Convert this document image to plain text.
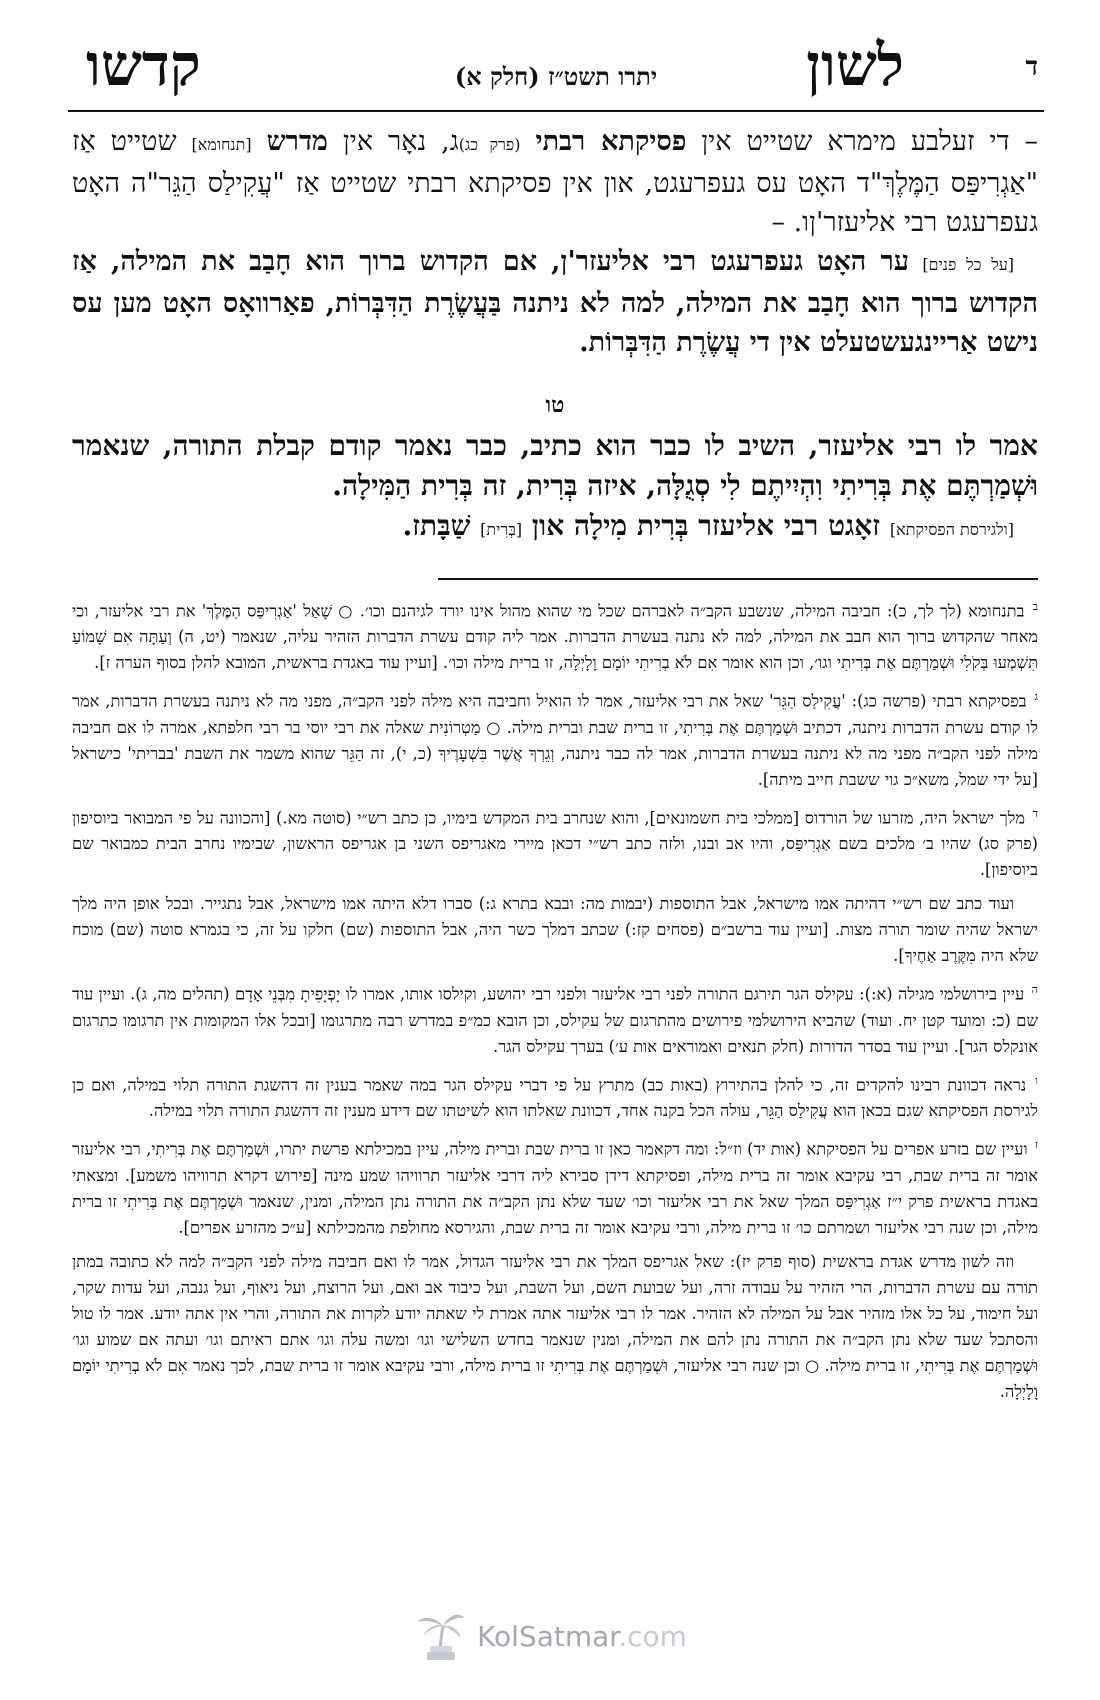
ד
לשון
יתרו תשט״ז (חלק א)
קדשו

– די זעלבע מימרא שטייט אין פסיקתא רבתי (פרק כג)ג, נאָר אין מדרש [תנחומא] שטייט אַז "אַגְרִיפַּס הַמֶּלֶךְ"ד האָט עס געפרעגט, און אין פסיקתא רבתי שטייט אַז "עֲקִילַס הַגֵּר"ה האָט געפרעגט רבי אליעזר'ןו. –

[על כל פנים] ער האָט געפרעגט רבי אליעזר'ן, אם הקדוש ברוך הוא חָבַב את המילה, אַז הקדוש ברוך הוא חָבַב את המילה, למה לא ניתנה בַּעֲשֶׂרֶת הַדִּבְּרוֹת, פאַרוואָס האָט מען עס נישט אַריינגעשטעלט אין די עֲשֶׂרֶת הַדִּבְּרוֹת.

טו

אמר לו רבי אליעזר, השיב לו כבר הוא כתיב, כבר נאמר קודם קבלת התורה, שנאמר וּשְׁמַרְתֶּם אֶת בְּרִיתִי וִהְיִיתֶם לִי סְגֻלָּה, איזה בְּרִית, זה בְּרִית הַמִּילָה.

[ולגירסת הפסיקתא] זאָגט רבי אליעזר בְּרִית מִילָה און [בְּרִית] שַׁבָּתז.

$^ב$ בתנחומא (לך לך, כ): חביבה המילה, שנשבע הקב״ה לאברהם שכל מי שהוא מהול אינו יורד לגיהנם וכו׳. ○ שָׁאַל 'אַגְרִיפַּס הַמֶּלֶךְ' את רבי אליעזר, וכי מאחר שהקדוש ברוך הוא חבב את המילה, למה לא נתנה בעשרת הדברות. אמר ליה קודם עשרת הדברות הזהיר עליה, שנאמר (יט, ה) וְעַתָּה אִם שָׁמוֹעַ תִּשְׁמְעוּ בְּקֹלִי וּשְׁמַרְתֶּם אֶת בְּרִיתִי וגו׳, וכן הוא אומר אִם לֹא בְרִיתִי יוֹמָם וָלָיְלָה, זו ברית מילה וכו׳. [ועיין עוד באגדת בראשית, המובא להלן בסוף הערה ז].

$^ג$ בפסיקתא רבתי (פרשה כג): 'עֲקִילַס הַגֵּר' שאל את רבי אליעזר, אמר לו הואיל וחביבה היא מילה לפני הקב״ה, מפני מה לא ניתנה בעשרת הדברות, אמר לו קודם עשרת הדברות ניתנה, דכתיב וּשְׁמַרְתֶּם אֶת בְּרִיתִי, זו ברית שבת וברית מילה. ○ מַטְרוֹנִית שאלה את רבי יוסי בר רבי חלפתא, אמרה לו אם חביבה מילה לפני הקב״ה מפני מה לא ניתנה בעשרת הדברות, אמר לה כבר ניתנה, וְגֵרְךָ אֲשֶׁר בִּשְׁעָרֶיךָ (כ, י), זה הַגֵּר שהוא משמר את השבת 'בבריתי' כישראל [על ידי שמל, משא״כ גוי ששבת חייב מיתה].

$^ד$ מלך ישראל היה, מזרעו של הורדוס [ממלכי בית חשמונאים], והוא שנחרב בית המקדש בימיו, כן כתב רש״י (סוטה מא.) [והכוונה על פי המבואר ביוסיפון (פרק סג) שהיו ב׳ מלכים בשם אַגְרִיפַּס, והיו אב ובנו, ולזה כתב רש״י דכאן מיירי מאגריפס השני בן אגריפס הראשון, שבימיו נחרב הבית כמבואר שם ביוסיפון].

ועוד כתב שם רש״י דהיתה אמו מישראל, אבל התוספות (יבמות מה: ובבא בתרא ג:) סברו דלא היתה אמו מישראל, אבל נתגייר. ובכל אופן היה מלך ישראל שהיה שומר תורה מצות. [ועיין עוד ברשב״ם (פסחים קז:) שכתב דמלך כשר היה, אבל התוספות (שם) חלקו על זה, כי בגמרא סוטה (שם) מוכח שלא היה מִקֶּרֶב אַחֶיךָ].

$^ה$ עיין בירושלמי מגילה (א:): עקילס הגר תירגם התורה לפני רבי אליעזר ולפני רבי יהושע, וקילסו אותו, אמרו לו יָפְיָפִיתָ מִבְּנֵי אָדָם (תהלים מה, ג). ועיין עוד שם (כ: ומועד קטן יח. ועוד) שהביא הירושלמי פירושים מהתרגום של עקילס, וכן הובא כמ״פ במדרש רבה מתרגומו [ובכל אלו המקומות אין תרגומו כתרגום אונקלס הגר]. ועיין עוד בסדר הדורות (חלק תנאים ואמוראים אות ע׳) בערך עקילס הגר.

$^ו$ נראה דכוונת רבינו להקדים זה, כי להלן בהתירוץ (באות כב) מתרץ על פי דברי עקילס הגר במה שאמר בענין זה דהשגת התורה תלוי במילה, ואם כן לגירסת הפסיקתא שגם בכאן הוא עֲקִילַס הַגֵּר, עולה הכל בקנה אחד, דכוונת שאלתו הוא לשיטתו שם דידע מענין זה דהשגת התורה תלוי במילה.

$^ז$ ועיין שם בזרע אפרים על הפסיקתא (אות יד) וז״ל: ומה דקאמר כאן זו ברית שבת וברית מילה, עיין במכילתא פרשת יתרו, וּשְׁמַרְתֶּם אֶת בְּרִיתִי, רבי אליעזר אומר זה ברית שבת, רבי עקיבא אומר זה ברית מילה, ופסיקתא דידן סבירא ליה דרבי אליעזר תרוויהו שמע מינה [פירוש דקרא תרוויהו משמע]. ומצאתי באגדת בראשית פרק י״ז אַגְרִיפַּס המלך שאל את רבי אליעזר וכו׳ שעד שלא נתן הקב״ה את התורה נתן המילה, ומנין, שנאמר וּשְׁמַרְתֶּם אֶת בְּרִיתִי זו ברית מילה, וכן שנה רבי אליעזר ושמרתם כו׳ זו ברית מילה, ורבי עקיבא אומר זה ברית שבת, והגירסא מחולפת מהמכילתא [ע״כ מהזרע אפרים].

וזה לשון מדרש אגדת בראשית (סוף פרק יז): שאל אגריפס המלך את רבי אליעזר הגדול, אמר לו ואם חביבה מילה לפני הקב״ה למה לא כתובה במתן תורה עם עשרת הדברות, הרי הזהיר על עבודה זרה, ועל שבועת השם, ועל השבת, ועל כיבוד אב ואם, ועל הרוצח, ועל ניאוף, ועל גנבה, ועל עדות שקר, ועל חימוד, על כל אלו מזהיר אבל על המילה לא הזהיר. אמר לו רבי אליעזר אתה אמרת לי שאתה יודע לקרות את התורה, והרי אין אתה יודע. אמר לו טול והסתכל שעד שלא נתן הקב״ה את התורה נתן להם את המילה, ומנין שנאמר בחדש השלישי וגו׳ ומשה עלה וגו׳ אתם ראיתם וגו׳ ועתה אם שמוע וגו׳ וּשְׁמַרְתֶּם אֶת בְּרִיתִי, זו ברית מילה. ○ וכן שנה רבי אליעזר, וּשְׁמַרְתֶּם אֶת בְּרִיתִי זו ברית מילה, ורבי עקיבא אומר זו ברית שבת, לכך נאמר אִם לֹא בְרִיתִי יוֹמָם וָלָיְלָה.

KolSatmar.com
